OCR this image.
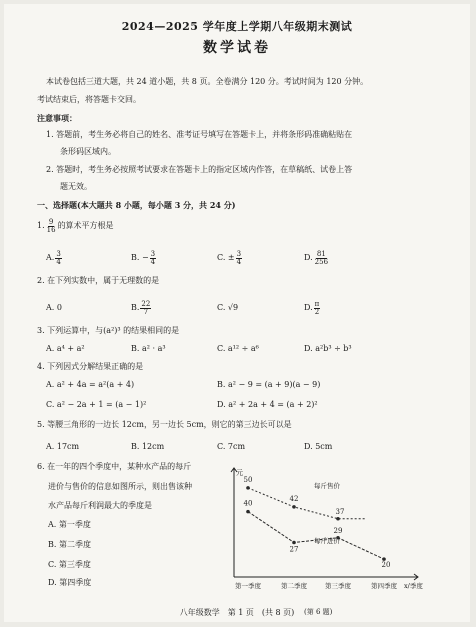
2024—2025 学年度上学期八年级期末测试
数学试卷
本试卷包括三道大题，共 24 道小题，共 8 页。全卷满分 120 分。考试时间为 120 分钟。
考试结束后，将答题卡交回。
注意事项：
1. 答题前，考生务必将自己的姓名、准考证号填写在答题卡上，并将条形码准确粘贴在
条形码区域内。
2. 答题时，考生务必按照考试要求在答题卡上的指定区域内作答，在草稿纸、试卷上答
题无效。
一、选择题(本大题共 8 小题，每小题 3 分，共 24 分)
1. $\frac{9}{16}$ 的算术平方根是
A. $\frac{3}{4}$	B. − $\frac{3}{4}$	C. ± $\frac{3}{4}$	D. $\frac{81}{256}$
2. 在下列实数中，属于无理数的是
A. 0	B. $\frac{22}{7}$	C. √9	D. $\frac{\pi}{2}$
3. 下列运算中，与(a²)³ 的结果相同的是
A. a⁴ + a²	B. a² · a³	C. a¹² ÷ a⁶	D. a²b³ ÷ b³
4. 下列因式分解结果正确的是
A. a² + 4a = a²(a + 4)	B. a² − 9 = (a + 9)(a − 9)
C. a² − 2a + 1 = (a − 1)²	D. a² + 2a + 4 = (a + 2)²
5. 等腰三角形的一边长 12cm，另一边长 5cm，则它的第三边长可以是
A. 17cm	B. 12cm	C. 7cm	D. 5cm
6. 在一年的四个季度中，某种水产品的每斤
进价与售价的信息如图所示，则出售该种
水产品每斤利润最大的季度是
A. 第一季度
B. 第二季度
C. 第三季度
D. 第四季度
元
x/季度
第一季度	第二季度	第三季度	第四季度
50
42
37
每斤售价
40
27
29
20
每斤进价
(第 6 题)
八年级数学　第 1 页　(共 8 页)
